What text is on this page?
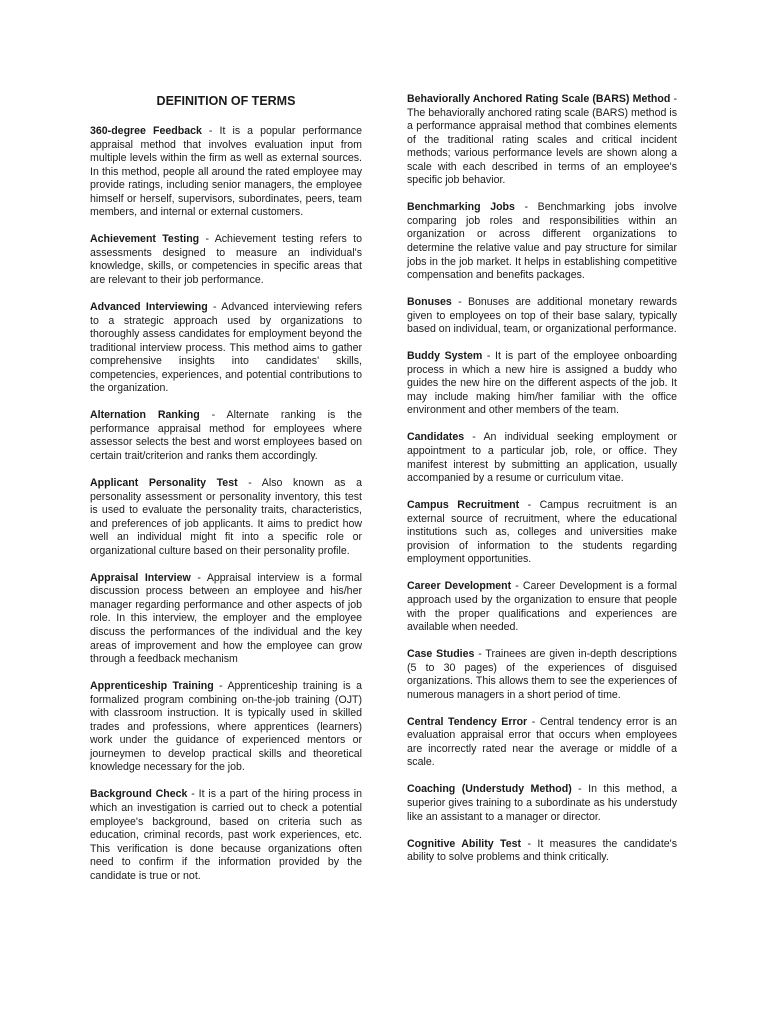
DEFINITION OF TERMS

360-degree Feedback - It is a popular performance appraisal method that involves evaluation input from multiple levels within the firm as well as external sources. In this method, people all around the rated employee may provide ratings, including senior managers, the employee himself or herself, supervisors, subordinates, peers, team members, and internal or external customers.

Achievement Testing - Achievement testing refers to assessments designed to measure an individual's knowledge, skills, or competencies in specific areas that are relevant to their job performance.

Advanced Interviewing - Advanced interviewing refers to a strategic approach used by organizations to thoroughly assess candidates for employment beyond the traditional interview process. This method aims to gather comprehensive insights into candidates' skills, competencies, experiences, and potential contributions to the organization.

Alternation Ranking - Alternate ranking is the performance appraisal method for employees where assessor selects the best and worst employees based on certain trait/criterion and ranks them accordingly.

Applicant Personality Test - Also known as a personality assessment or personality inventory, this test is used to evaluate the personality traits, characteristics, and preferences of job applicants. It aims to predict how well an individual might fit into a specific role or organizational culture based on their personality profile.

Appraisal Interview - Appraisal interview is a formal discussion process between an employee and his/her manager regarding performance and other aspects of job role. In this interview, the employer and the employee discuss the performances of the individual and the key areas of improvement and how the employee can grow through a feedback mechanism

Apprenticeship Training - Apprenticeship training is a formalized program combining on-the-job training (OJT) with classroom instruction. It is typically used in skilled trades and professions, where apprentices (learners) work under the guidance of experienced mentors or journeymen to develop practical skills and theoretical knowledge necessary for the job.

Background Check - It is a part of the hiring process in which an investigation is carried out to check a potential employee's background, based on criteria such as education, criminal records, past work experiences, etc. This verification is done because organizations often need to confirm if the information provided by the candidate is true or not.

Behaviorally Anchored Rating Scale (BARS) Method - The behaviorally anchored rating scale (BARS) method is a performance appraisal method that combines elements of the traditional rating scales and critical incident methods; various performance levels are shown along a scale with each described in terms of an employee's specific job behavior.

Benchmarking Jobs - Benchmarking jobs involve comparing job roles and responsibilities within an organization or across different organizations to determine the relative value and pay structure for similar jobs in the job market. It helps in establishing competitive compensation and benefits packages.

Bonuses - Bonuses are additional monetary rewards given to employees on top of their base salary, typically based on individual, team, or organizational performance.

Buddy System - It is part of the employee onboarding process in which a new hire is assigned a buddy who guides the new hire on the different aspects of the job. It may include making him/her familiar with the office environment and other members of the team.

Candidates - An individual seeking employment or appointment to a particular job, role, or office. They manifest interest by submitting an application, usually accompanied by a resume or curriculum vitae.

Campus Recruitment - Campus recruitment is an external source of recruitment, where the educational institutions such as, colleges and universities make provision of information to the students regarding employment opportunities.

Career Development - Career Development is a formal approach used by the organization to ensure that people with the proper qualifications and experiences are available when needed.

Case Studies - Trainees are given in-depth descriptions (5 to 30 pages) of the experiences of disguised organizations. This allows them to see the experiences of numerous managers in a short period of time.

Central Tendency Error - Central tendency error is an evaluation appraisal error that occurs when employees are incorrectly rated near the average or middle of a scale.

Coaching (Understudy Method) - In this method, a superior gives training to a subordinate as his understudy like an assistant to a manager or director.

Cognitive Ability Test - It measures the candidate's ability to solve problems and think critically.
